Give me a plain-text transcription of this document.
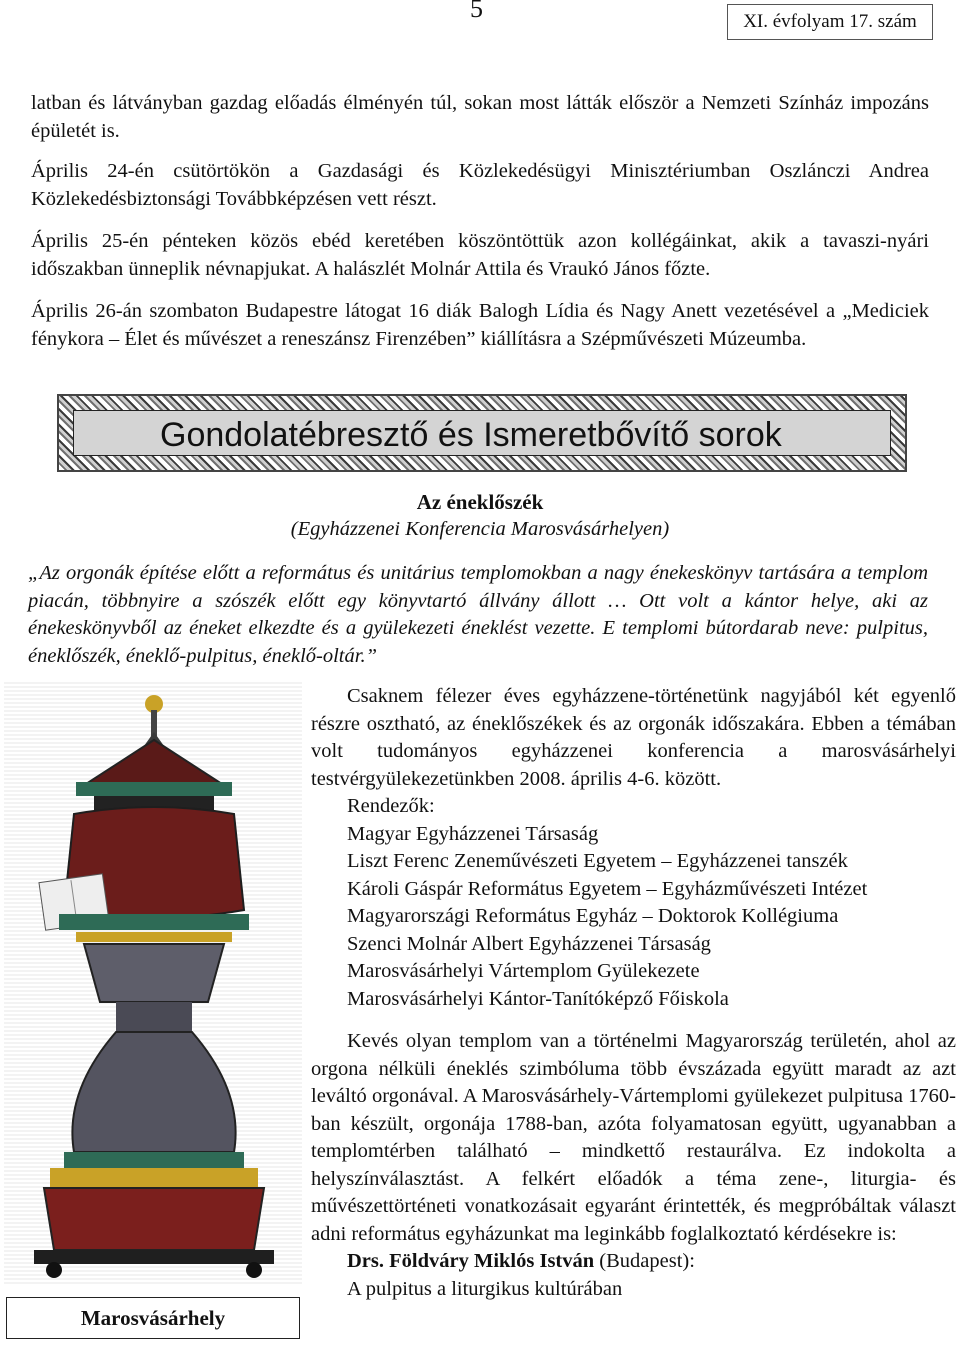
5	XI. évfolyam 17. szám
latban és látványban gazdag előadás élményén túl, sokan most látták először a Nemzeti Színház impozáns épületét is.
Április 24-én csütörtökön a Gazdasági és Közlekedésügyi Minisztériumban Oszlánczi Andrea Közlekedésbiztonsági Továbbképzésen vett részt.
Április 25-én pénteken közös ebéd keretében köszöntöttük azon kollégáinkat, akik a tavaszi-nyári időszakban ünneplik névnapjukat. A halászlét Molnár Attila és Vraukó János főzte.
Április 26-án szombaton Budapestre látogat 16 diák Balogh Lídia és Nagy Anett vezetésével a „Mediciek fénykora – Élet és művészet a reneszánsz Firenzében” kiállításra a Szépművészeti Múzeumba.
Gondolatébresztő és Ismeretbővítő sorok
Az éneklőszék
(Egyházzenei Konferencia Marosvásárhelyen)
„Az orgonák építése előtt a református és unitárius templomokban a nagy énekeskönyv tartására a templom piacán, többnyire a szószék előtt egy könyvtartó állvány állott … Ott volt a kántor helye, aki az énekeskönyvből az éneket elkezdte és a gyülekezeti éneklést vezette. E templomi bútordarab neve: pulpitus, éneklőszék, éneklő-pulpitus, éneklő-oltár.”
Marosvásárhely
Csaknem félezer éves egyházzene-történetünk nagyjából két egyenlő részre osztható, az éneklőszékek és az orgonák időszakára. Ebben a témában volt tudományos egyházzenei konferencia a marosvásárhelyi testvérgyülekezetünkben 2008. április 4-6. között.
Rendezők:
Magyar Egyházzenei Társaság
Liszt Ferenc Zeneművészeti Egyetem – Egyházzenei tanszék
Károli Gáspár Református Egyetem – Egyházművészeti Intézet
Magyarországi Református Egyház – Doktorok Kollégiuma
Szenci Molnár Albert Egyházzenei Társaság
Marosvásárhelyi Vártemplom Gyülekezete
Marosvásárhelyi Kántor-Tanítóképző Főiskola
Kevés olyan templom van a történelmi Magyarország területén, ahol az orgona nélküli éneklés szimbóluma több évszázada együtt maradt az azt leváltó orgonával. A Marosvásárhely-Vártemplomi gyülekezet pulpitusa 1760-ban készült, orgonája 1788-ban, azóta folyamatosan együtt, ugyanabban a templomtérben található – mindkettő restaurálva. Ez indokolta a helyszínválasztást. A felkért előadók a téma zene-, liturgia- és művészettörténeti vonatkozásait egyaránt érintették, és megpróbáltak választ adni református egyházunkat ma leginkább foglalkoztató kérdésekre is:
Drs. Földváry Miklós István (Budapest):
A pulpitus a liturgikus kultúrában
